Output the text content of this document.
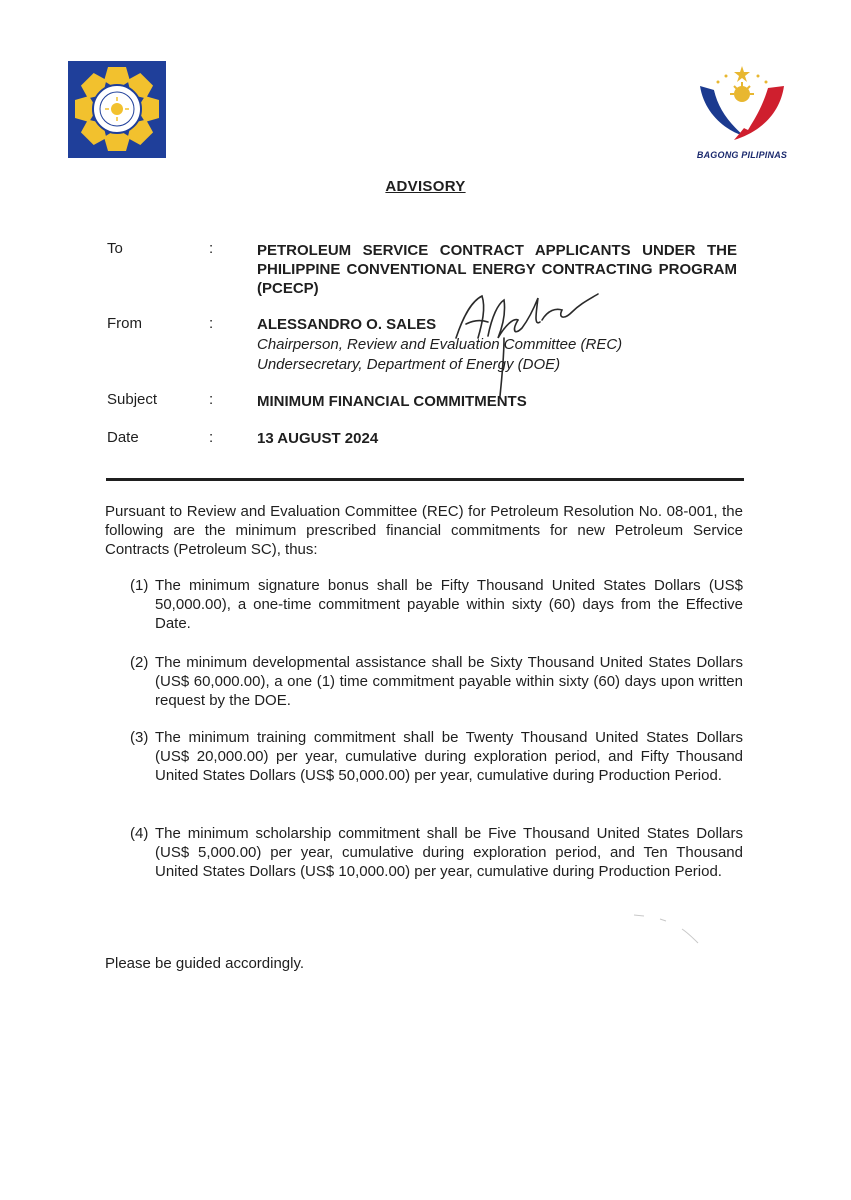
BAGONG PILIPINAS
ADVISORY
To	:	PETROLEUM SERVICE CONTRACT APPLICANTS UNDER THE PHILIPPINE CONVENTIONAL ENERGY CONTRACTING PROGRAM (PCECP)
From	:	ALESSANDRO O. SALES
Chairperson, Review and Evaluation Committee (REC)
Undersecretary, Department of Energy (DOE)
Subject	:	MINIMUM FINANCIAL COMMITMENTS
Date	:	13 AUGUST 2024
Pursuant to Review and Evaluation Committee (REC) for Petroleum Resolution No. 08-001, the following are the minimum prescribed financial commitments for new Petroleum Service Contracts (Petroleum SC), thus:
(1) The minimum signature bonus shall be Fifty Thousand United States Dollars (US$ 50,000.00), a one-time commitment payable within sixty (60) days from the Effective Date.
(2) The minimum developmental assistance shall be Sixty Thousand United States Dollars (US$ 60,000.00), a one (1) time commitment payable within sixty (60) days upon written request by the DOE.
(3) The minimum training commitment shall be Twenty Thousand United States Dollars (US$ 20,000.00) per year, cumulative during exploration period, and Fifty Thousand United States Dollars (US$ 50,000.00) per year, cumulative during Production Period.
(4) The minimum scholarship commitment shall be Five Thousand United States Dollars (US$ 5,000.00) per year, cumulative during exploration period, and Ten Thousand United States Dollars (US$ 10,000.00) per year, cumulative during Production Period.
Please be guided accordingly.
